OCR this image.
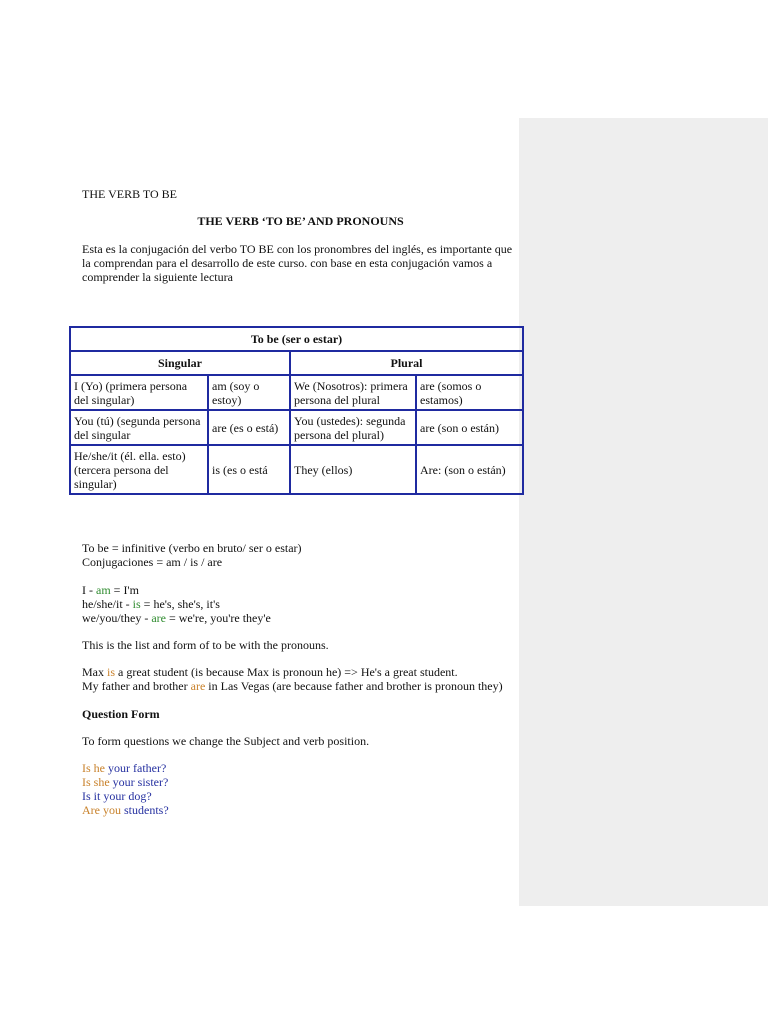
THE VERB TO BE
THE VERB ‘TO BE’ AND PRONOUNS
Esta es la conjugación del verbo TO BE con los pronombres del inglés, es importante que la comprendan para el desarrollo de este curso. con base en esta conjugación vamos a comprender la siguiente lectura
To be (ser o estar)			
Singular		Plural	
I (Yo) (primera persona del singular)	am (soy o estoy)	We (Nosotros): primera persona del plural	are (somos o estamos)
You (tú) (segunda persona del singular	are (es o está)	You (ustedes): segunda persona del plural)	are (son o están)
He/she/it (él. ella. esto) (tercera persona del singular)	is (es o está	They (ellos)	Are: (son o están)
To be = infinitive (verbo en bruto/ ser o estar)
Conjugaciones = am / is / are
I - am = I'm
he/she/it - is = he's, she's, it's
we/you/they - are = we're, you're they'e
This is the list and form of to be with the pronouns.
Max is a great student (is because Max is pronoun he) => He's a great student.
My father and brother are in Las Vegas (are because father and brother is pronoun they)
Question Form
To form questions we change the Subject and verb position.
Is he your father?
Is she your sister?
Is it your dog?
Are you students?
